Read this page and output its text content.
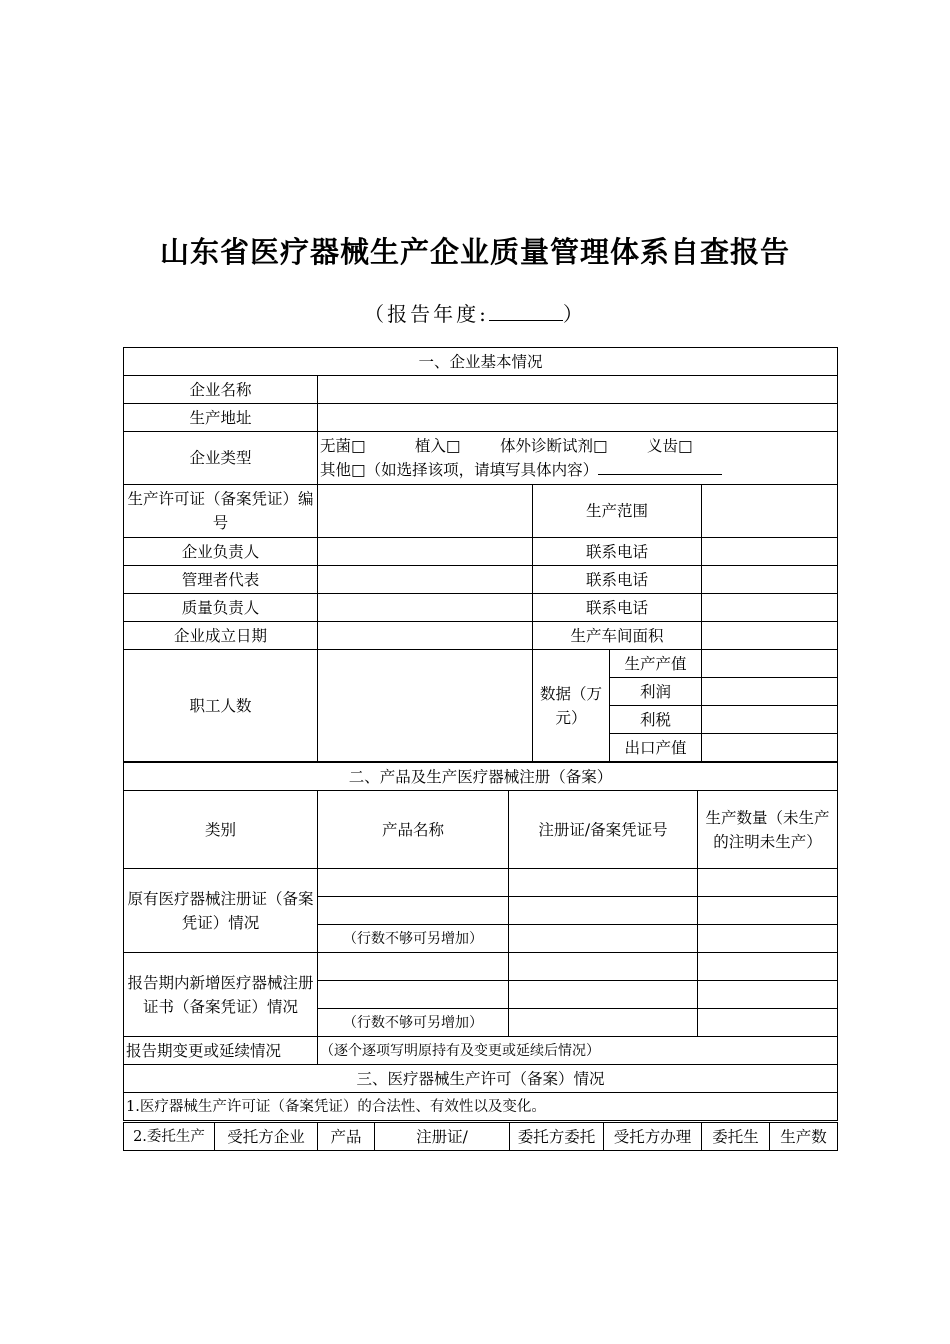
山东省医疗器械生产企业质量管理体系自查报告
（报告年度:	）
一、企业基本情况				
企业名称				
生产地址				
企业类型	无菌□          植入□        体外诊断试剂□        义齿□
其他□（如选择该项，请填写具体内容）			

生产许可证（备案凭证）编号		生产范围		
企业负责人		联系电话		
管理者代表		联系电话		
质量负责人		联系电话		
企业成立日期		生产车间面积		
职工人数		数据（万元）	生产产值	
			利润	
			利税	
			出口产值	

二、产品及生产医疗器械注册（备案）			
类别	产品名称	注册证/备案凭证号	生产数量（未生产的注明未生产）
原有医疗器械注册证（备案凭证）情况			

	（行数不够可另增加）		
报告期内新增医疗器械注册证书（备案凭证）情况			

	（行数不够可另增加）		
报告期变更或延续情况	（逐个逐项写明原持有及变更或延续后情况）		
三、医疗器械生产许可（备案）情况			
1.医疗器械生产许可证（备案凭证）的合法性、有效性以及变化。			
2.委托生产	受托方企业	产品	注册证/	委托方委托	受托方办理	委托生	生产数
